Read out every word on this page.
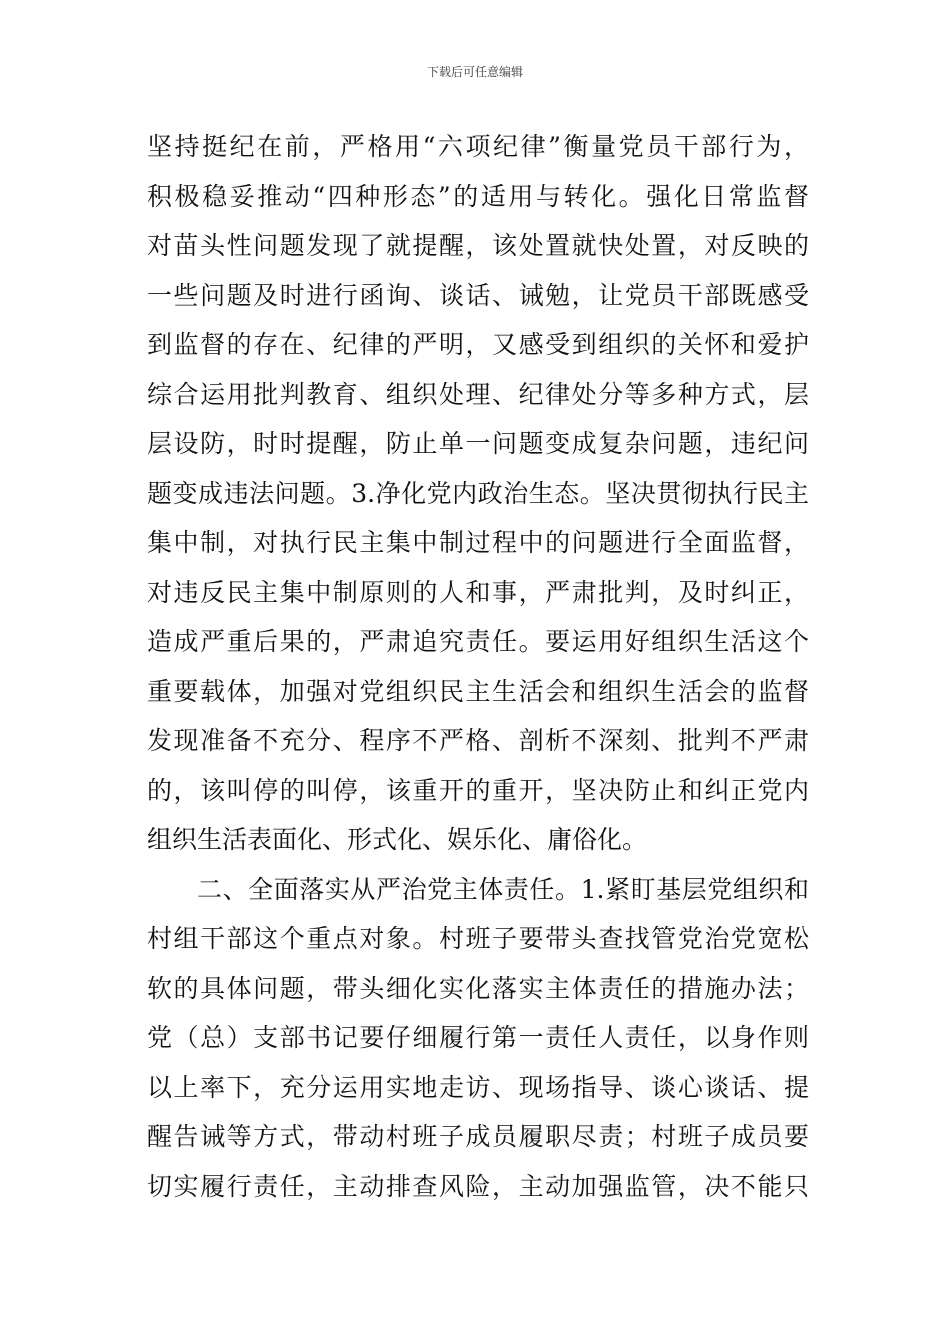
下载后可任意编辑
坚持挺纪在前，严格用“六项纪律”衡量党员干部行为，
积极稳妥推动“四种形态”的适用与转化。强化日常监督
对苗头性问题发现了就提醒，该处置就快处置，对反映的
一些问题及时进行函询、谈话、诫勉，让党员干部既感受
到监督的存在、纪律的严明，又感受到组织的关怀和爱护
综合运用批判教育、组织处理、纪律处分等多种方式，层
层设防，时时提醒，防止单一问题变成复杂问题，违纪问
题变成违法问题。3.净化党内政治生态。坚决贯彻执行民主
集中制，对执行民主集中制过程中的问题进行全面监督，
对违反民主集中制原则的人和事，严肃批判，及时纠正，
造成严重后果的，严肃追究责任。要运用好组织生活这个
重要载体，加强对党组织民主生活会和组织生活会的监督
发现准备不充分、程序不严格、剖析不深刻、批判不严肃
的，该叫停的叫停，该重开的重开，坚决防止和纠正党内
组织生活表面化、形式化、娱乐化、庸俗化。
二、全面落实从严治党主体责任。1.紧盯基层党组织和
村组干部这个重点对象。村班子要带头查找管党治党宽松
软的具体问题，带头细化实化落实主体责任的措施办法；
党（总）支部书记要仔细履行第一责任人责任，以身作则
以上率下，充分运用实地走访、现场指导、谈心谈话、提
醒告诫等方式，带动村班子成员履职尽责；村班子成员要
切实履行责任，主动排查风险，主动加强监管，决不能只
